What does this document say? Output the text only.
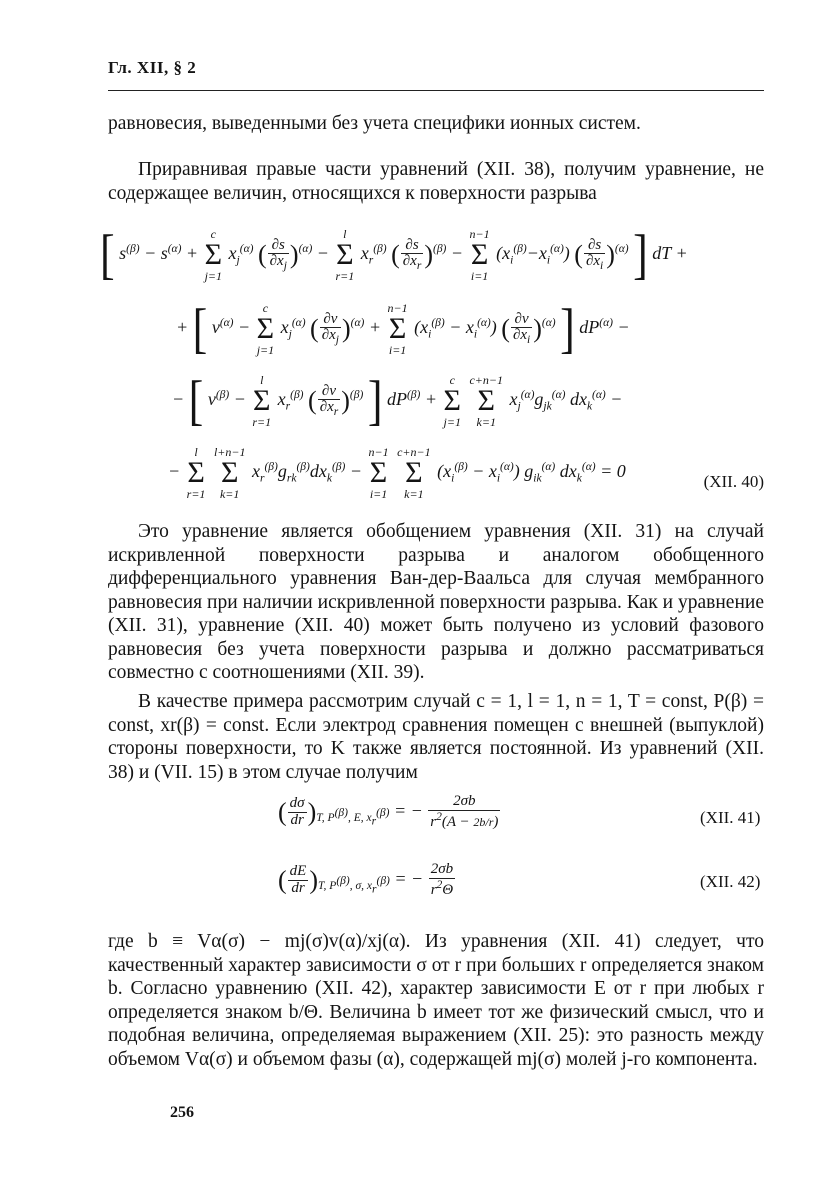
Гл. XII, § 2
равновесия, выведенными без учета специфики ионных систем.
Приравнивая правые части уравнений (XII. 38), получим уравнение, не содержащее величин, относящихся к поверхности разрыва
[ $s^{(\beta)} - s^{(\alpha)}$ +
c
Σ
j=1
$x_j^{(\alpha)}$ ( $\frac{\partial s}{\partial x_j} )^{(\alpha)}$ −
l
Σ
r=1
$x_r^{(\beta)}$ ( $\frac{\partial s}{\partial x_r} )^{(\beta)}$ −
n−1
Σ
i=1
$(x_i^{(\beta)}-x_i^{(\alpha)})$ ( $\frac{\partial s}{\partial x_i} )^{(\alpha)}$ ] dT +
+ [ $v^{(\alpha)}$ −
c
Σ
j=1
$x_j^{(\alpha)}$ ( $\frac{\partial v}{\partial x_j} )^{(\alpha)}$ +
n−1
Σ
i=1
$(x_i^{(\beta)} - x_i^{(\alpha)})$ ( $\frac{\partial v}{\partial x_i} )^{(\alpha)}$ ] $dP^{(\alpha)}$ −
− [ $v^{(\beta)}$ −
l
Σ
r=1
$x_r^{(\beta)}$ ( $\frac{\partial v}{\partial x_r} )^{(\beta)}$ ] $dP^{(\beta)}$ +
c
Σ
j=1

c+n−1
Σ
k=1
$x_j^{(\alpha)}g_{jk}^{(\alpha)}$ $dx_k^{(\alpha)}$ −
−
l
Σ
r=1

l+n−1
Σ
k=1
$x_r^{(\beta)}g_{rk}^{(\beta)}dx_k^{(\beta)}$ −
n−1
Σ
i=1

c+n−1
Σ
k=1
$(x_i^{(\beta)} - x_i^{(\alpha)})$ $g_{ik}^{(\alpha)}$ $dx_k^{(\alpha)} = 0$
(XII. 40)
Это уравнение является обобщением уравнения (XII. 31) на случай искривленной поверхности разрыва и аналогом обобщенного дифференциального уравнения Ван-дер-Ваальса для случая мембранного равновесия при наличии искривленной поверхности разрыва. Как и уравнение (XII. 31), уравнение (XII. 40) может быть получено из условий фазового равновесия без учета поверхности разрыва и должно рассматриваться совместно с соотношениями (XII. 39).
В качестве примера рассмотрим случай c = 1, l = 1, n = 1, T = const, P(β) = const, xr(β) = const. Если электрод сравнения помещен с внешней (выпуклой) стороны поверхности, то K также является постоянной. Из уравнений (XII. 38) и (VII. 15) в этом случае получим
( $\frac{d\sigma}{dr} )_{T, P^{(\beta)}, E, x_r^{(\beta)}}$ = − $\frac{2\sigma b}{r^2(A - 2b/r)}$	(XII. 41)
( $\frac{dE}{dr} )_{T, P^{(\beta)}, \sigma, x_r^{(\beta)}}$ = − $\frac{2\sigma b}{r^2\Theta}$	(XII. 42)
где b ≡ Vα(σ) − mj(σ)v(α)/xj(α). Из уравнения (XII. 41) следует, что качественный характер зависимости σ от r при больших r определяется знаком b. Согласно уравнению (XII. 42), характер зависимости E от r при любых r определяется знаком b/Θ. Величина b имеет тот же физический смысл, что и подобная величина, определяемая выражением (XII. 25): это разность между объемом Vα(σ) и объемом фазы (α), содержащей mj(σ) молей j-го компонента.
256
